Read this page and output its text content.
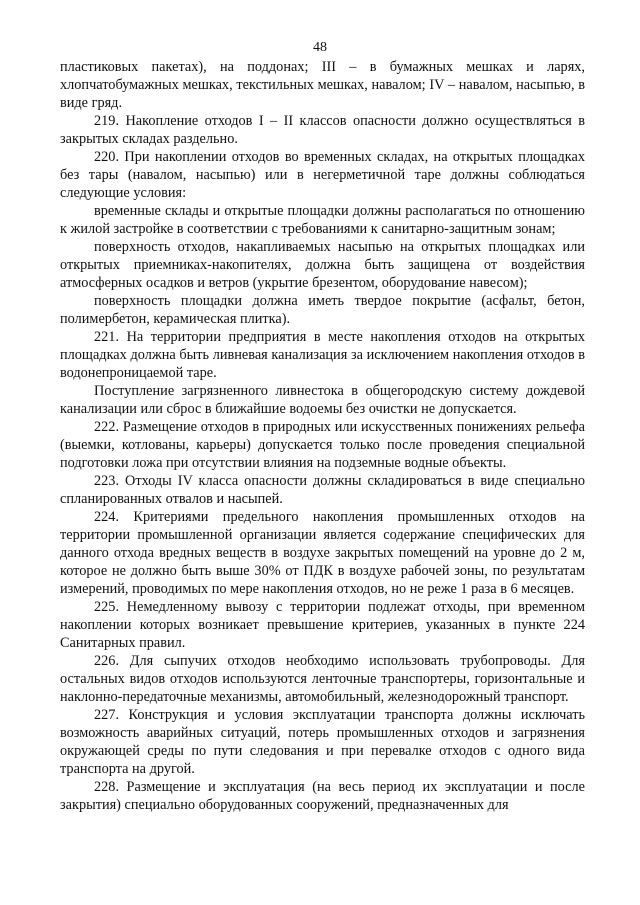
48

пластиковых пакетах), на поддонах; III – в бумажных мешках и ларях, хлопчатобумажных мешках, текстильных мешках, навалом; IV – навалом, насыпью, в виде гряд.

219. Накопление отходов I – II классов опасности должно осуществляться в закрытых складах раздельно.

220. При накоплении отходов во временных складах, на открытых площадках без тары (навалом, насыпью) или в негерметичной таре должны соблюдаться следующие условия:

временные склады и открытые площадки должны располагаться по отношению к жилой застройке в соответствии с требованиями к санитарно-защитным зонам;

поверхность отходов, накапливаемых насыпью на открытых площадках или открытых приемниках-накопителях, должна быть защищена от воздействия атмосферных осадков и ветров (укрытие брезентом, оборудование навесом);

поверхность площадки должна иметь твердое покрытие (асфальт, бетон, полимербетон, керамическая плитка).

221. На территории предприятия в месте накопления отходов на открытых площадках должна быть ливневая канализация за исключением накопления отходов в водонепроницаемой таре.

Поступление загрязненного ливнестока в общегородскую систему дождевой канализации или сброс в ближайшие водоемы без очистки не допускается.

222. Размещение отходов в природных или искусственных понижениях рельефа (выемки, котлованы, карьеры) допускается только после проведения специальной подготовки ложа при отсутствии влияния на подземные водные объекты.

223. Отходы IV класса опасности должны складироваться в виде специально спланированных отвалов и насыпей.

224. Критериями предельного накопления промышленных отходов на территории промышленной организации является содержание специфических для данного отхода вредных веществ в воздухе закрытых помещений на уровне до 2 м, которое не должно быть выше 30% от ПДК в воздухе рабочей зоны, по результатам измерений, проводимых по мере накопления отходов, но не реже 1 раза в 6 месяцев.

225. Немедленному вывозу с территории подлежат отходы, при временном накоплении которых возникает превышение критериев, указанных в пункте 224 Санитарных правил.

226. Для сыпучих отходов необходимо использовать трубопроводы. Для остальных видов отходов используются ленточные транспортеры, горизонтальные и наклонно-передаточные механизмы, автомобильный, железнодорожный транспорт.

227. Конструкция и условия эксплуатации транспорта должны исключать возможность аварийных ситуаций, потерь промышленных отходов и загрязнения окружающей среды по пути следования и при перевалке отходов с одного вида транспорта на другой.

228. Размещение и эксплуатация (на весь период их эксплуатации и после закрытия) специально оборудованных сооружений, предназначенных для
